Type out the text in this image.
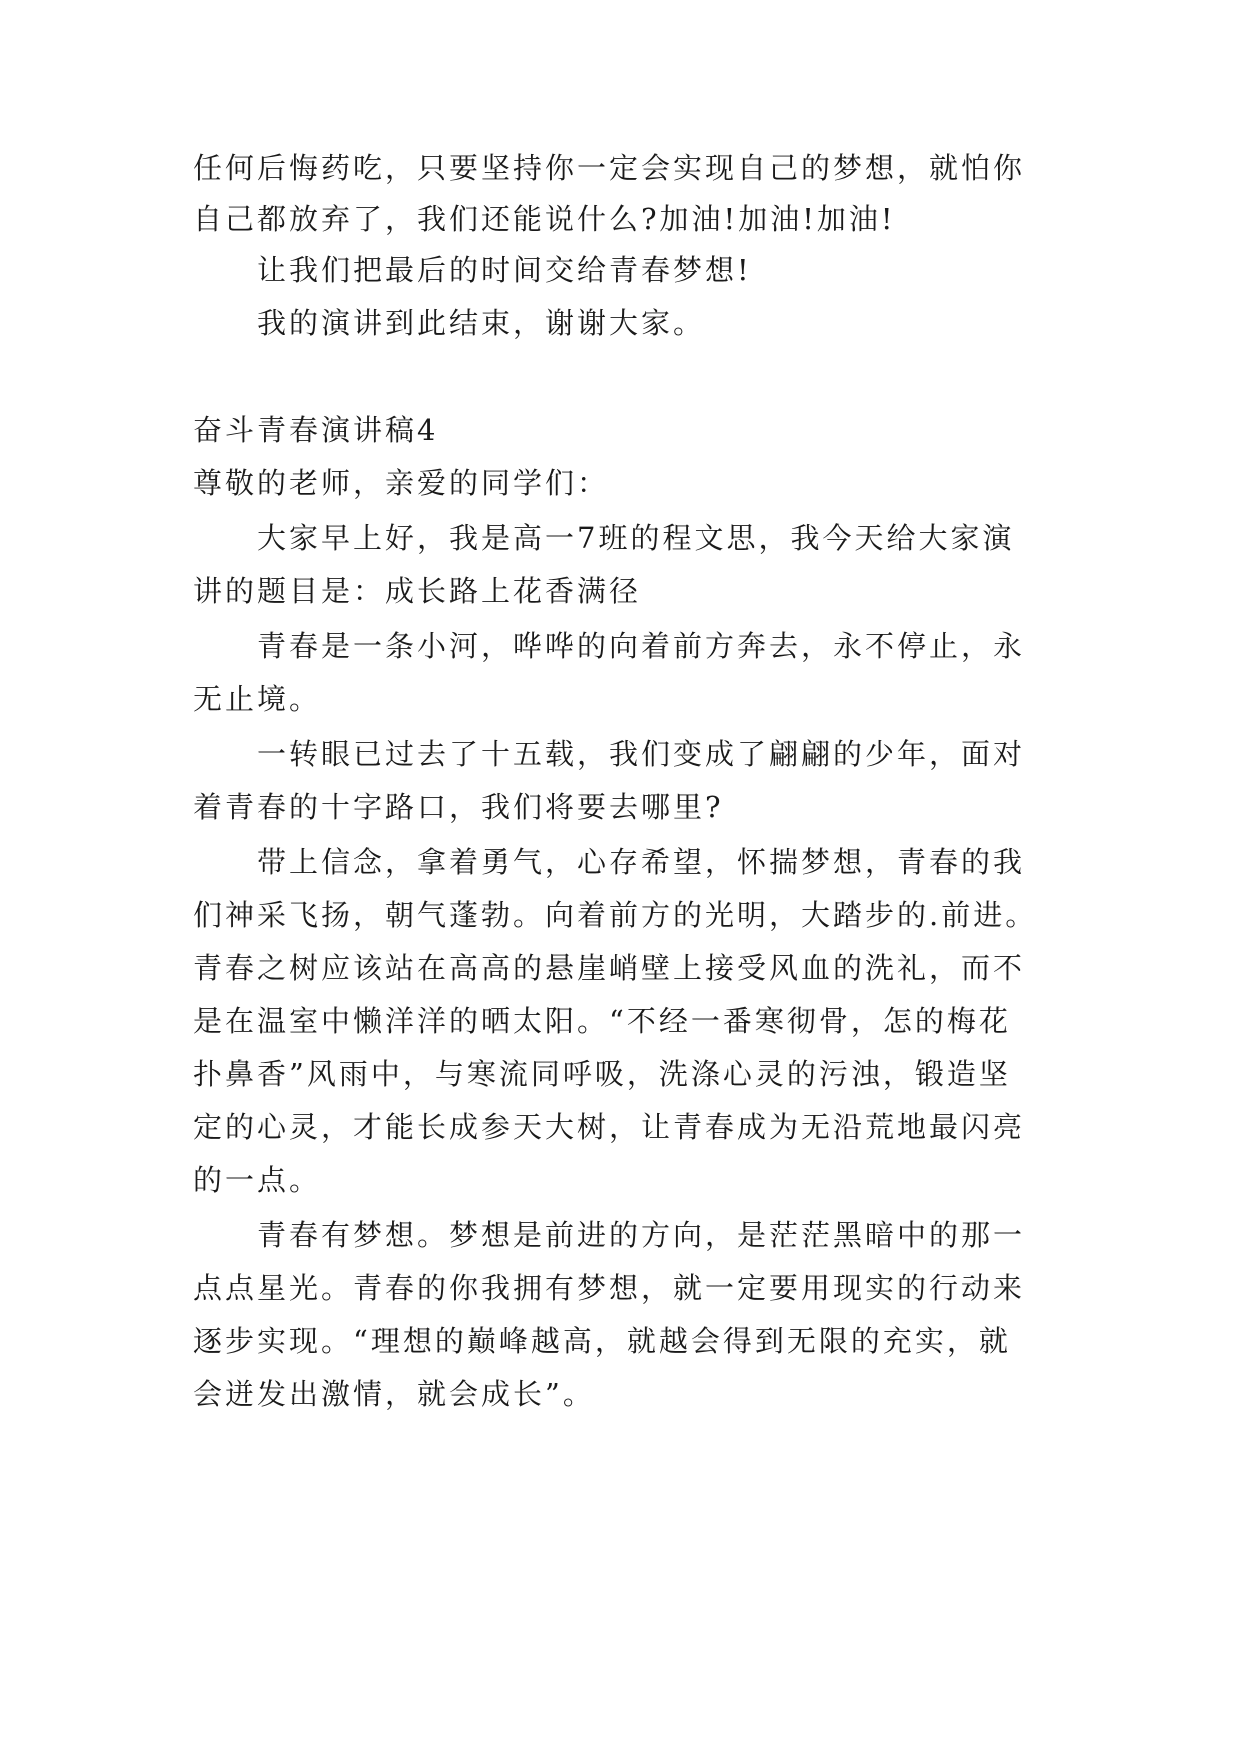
任何后悔药吃，只要坚持你一定会实现自己的梦想，就怕你
自己都放弃了，我们还能说什么?加油!加油!加油!
让我们把最后的时间交给青春梦想!
我的演讲到此结束，谢谢大家。
奋斗青春演讲稿4
尊敬的老师，亲爱的同学们：
大家早上好，我是高一7班的程文思，我今天给大家演
讲的题目是：成长路上花香满径
青春是一条小河，哗哗的向着前方奔去，永不停止，永
无止境。
一转眼已过去了十五载，我们变成了翩翩的少年，面对
着青春的十字路口，我们将要去哪里?
带上信念，拿着勇气，心存希望，怀揣梦想，青春的我
们神采飞扬，朝气蓬勃。向着前方的光明，大踏步的.前进。
青春之树应该站在高高的悬崖峭壁上接受风血的洗礼，而不
是在温室中懒洋洋的晒太阳。“不经一番寒彻骨，怎的梅花
扑鼻香”风雨中，与寒流同呼吸，洗涤心灵的污浊，锻造坚
定的心灵，才能长成参天大树，让青春成为无沿荒地最闪亮
的一点。
青春有梦想。梦想是前进的方向，是茫茫黑暗中的那一
点点星光。青春的你我拥有梦想，就一定要用现实的行动来
逐步实现。“理想的巅峰越高，就越会得到无限的充实，就
会迸发出激情，就会成长”。
